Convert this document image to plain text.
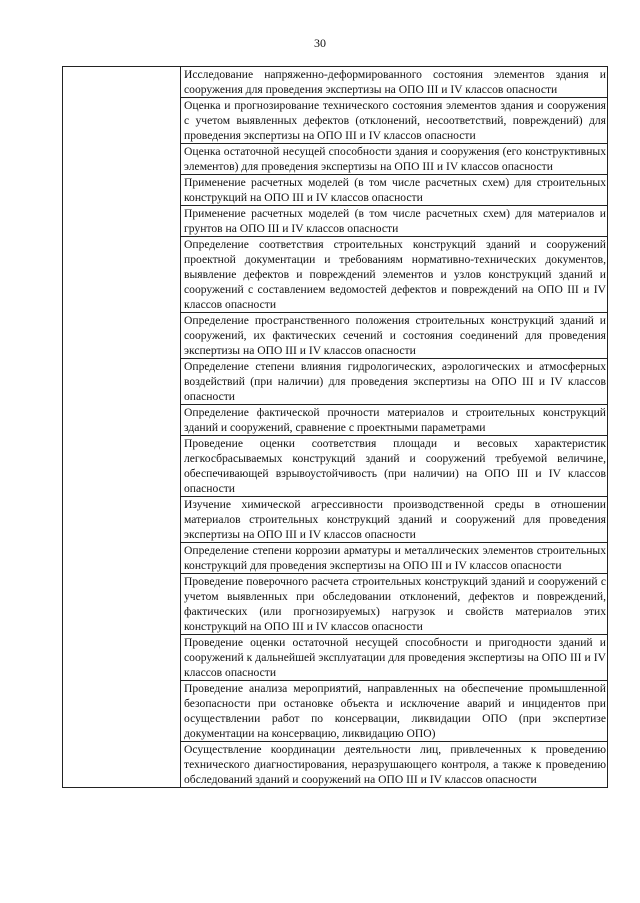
30
	Исследование напряженно-деформированного состояния элементов здания и сооружения для проведения экспертизы на ОПО III и IV классов опасности
Оценка и прогнозирование технического состояния элементов здания и сооружения с учетом выявленных дефектов (отклонений, несоответствий, повреждений) для проведения экспертизы на ОПО III и IV классов опасности
Оценка остаточной несущей способности здания и сооружения (его конструктивных элементов) для проведения экспертизы на ОПО III и IV классов опасности
Применение расчетных моделей (в том числе расчетных схем) для строительных конструкций на ОПО III и IV классов опасности
Применение расчетных моделей (в том числе расчетных схем) для материалов и грунтов на ОПО III и IV классов опасности
Определение соответствия строительных конструкций зданий и сооружений проектной документации и требованиям нормативно-технических документов, выявление дефектов и повреждений элементов и узлов конструкций зданий и сооружений с составлением ведомостей дефектов и повреждений на ОПО III и IV классов опасности
Определение пространственного положения строительных конструкций зданий и сооружений, их фактических сечений и состояния соединений для проведения экспертизы на ОПО III и IV классов опасности
Определение степени влияния гидрологических, аэрологических и атмосферных воздействий (при наличии) для проведения экспертизы на ОПО III и IV классов опасности
Определение фактической прочности материалов и строительных конструкций зданий и сооружений, сравнение с проектными параметрами
Проведение оценки соответствия площади и весовых характеристик легкосбрасываемых конструкций зданий и сооружений требуемой величине, обеспечивающей взрывоустойчивость (при наличии) на ОПО III и IV классов опасности
Изучение химической агрессивности производственной среды в отношении материалов строительных конструкций зданий и сооружений для проведения экспертизы на ОПО III и IV классов опасности
Определение степени коррозии арматуры и металлических элементов строительных конструкций для проведения экспертизы на ОПО III и IV классов опасности
Проведение поверочного расчета строительных конструкций зданий и сооружений с учетом выявленных при обследовании отклонений, дефектов и повреждений, фактических (или прогнозируемых) нагрузок и свойств материалов этих конструкций на ОПО III и IV классов опасности
Проведение оценки остаточной несущей способности и пригодности зданий и сооружений к дальнейшей эксплуатации для проведения экспертизы на ОПО III и IV классов опасности
Проведение анализа мероприятий, направленных на обеспечение промышленной безопасности при остановке объекта и исключение аварий и инцидентов при осуществлении работ по консервации, ликвидации ОПО (при экспертизе документации на консервацию, ликвидацию ОПО)
Осуществление координации деятельности лиц, привлеченных к проведению технического диагностирования, неразрушающего контроля, а также к проведению обследований зданий и сооружений на ОПО III и IV классов опасности
